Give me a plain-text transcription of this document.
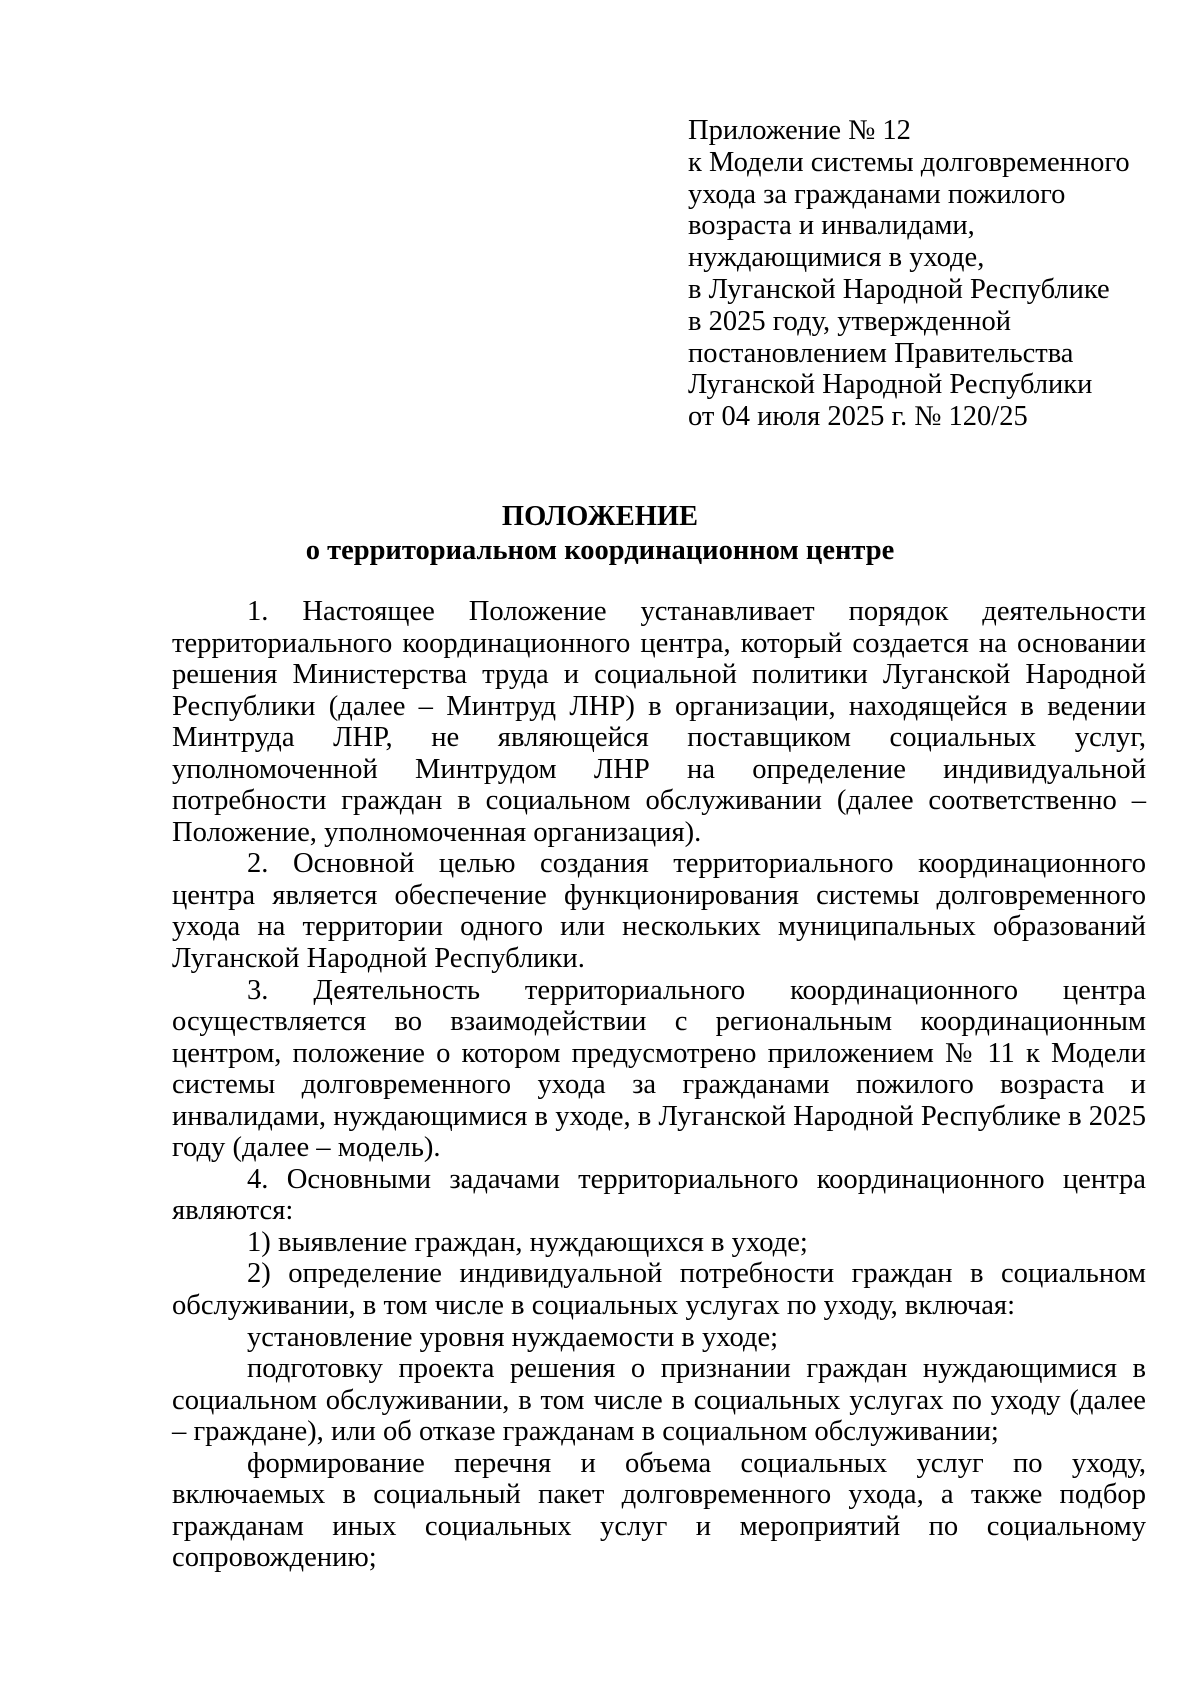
Приложение № 12
к Модели системы долговременного
ухода за гражданами пожилого
возраста и инвалидами,
нуждающимися в уходе,
в Луганской Народной Республике
в 2025 году, утвержденной
постановлением Правительства
Луганской Народной Республики
от 04 июля 2025 г. № 120/25
ПОЛОЖЕНИЕ
о территориальном координационном центре

1. Настоящее Положение устанавливает порядок деятельности территориального координационного центра, который создается на основании решения Министерства труда и социальной политики Луганской Народной Республики (далее – Минтруд ЛНР) в организации, находящейся в ведении Минтруда ЛНР, не являющейся поставщиком социальных услуг, уполномоченной Минтрудом ЛНР на определение индивидуальной потребности граждан в социальном обслуживании (далее соответственно – Положение, уполномоченная организация).

2. Основной целью создания территориального координационного центра является обеспечение функционирования системы долговременного ухода на территории одного или нескольких муниципальных образований Луганской Народной Республики.

3. Деятельность территориального координационного центра осуществляется во взаимодействии с региональным координационным центром, положение о котором предусмотрено приложением № 11 к Модели системы долговременного ухода за гражданами пожилого возраста и инвалидами, нуждающимися в уходе, в Луганской Народной Республике в 2025 году (далее – модель).

4. Основными задачами территориального координационного центра являются:

1) выявление граждан, нуждающихся в уходе;

2) определение индивидуальной потребности граждан в социальном обслуживании, в том числе в социальных услугах по уходу, включая:

установление уровня нуждаемости в уходе;

подготовку проекта решения о признании граждан нуждающимися в социальном обслуживании, в том числе в социальных услугах по уходу (далее – граждане), или об отказе гражданам в социальном обслуживании;

формирование перечня и объема социальных услуг по уходу, включаемых в социальный пакет долговременного ухода, а также подбор гражданам иных социальных услуг и мероприятий по социальному сопровождению;
